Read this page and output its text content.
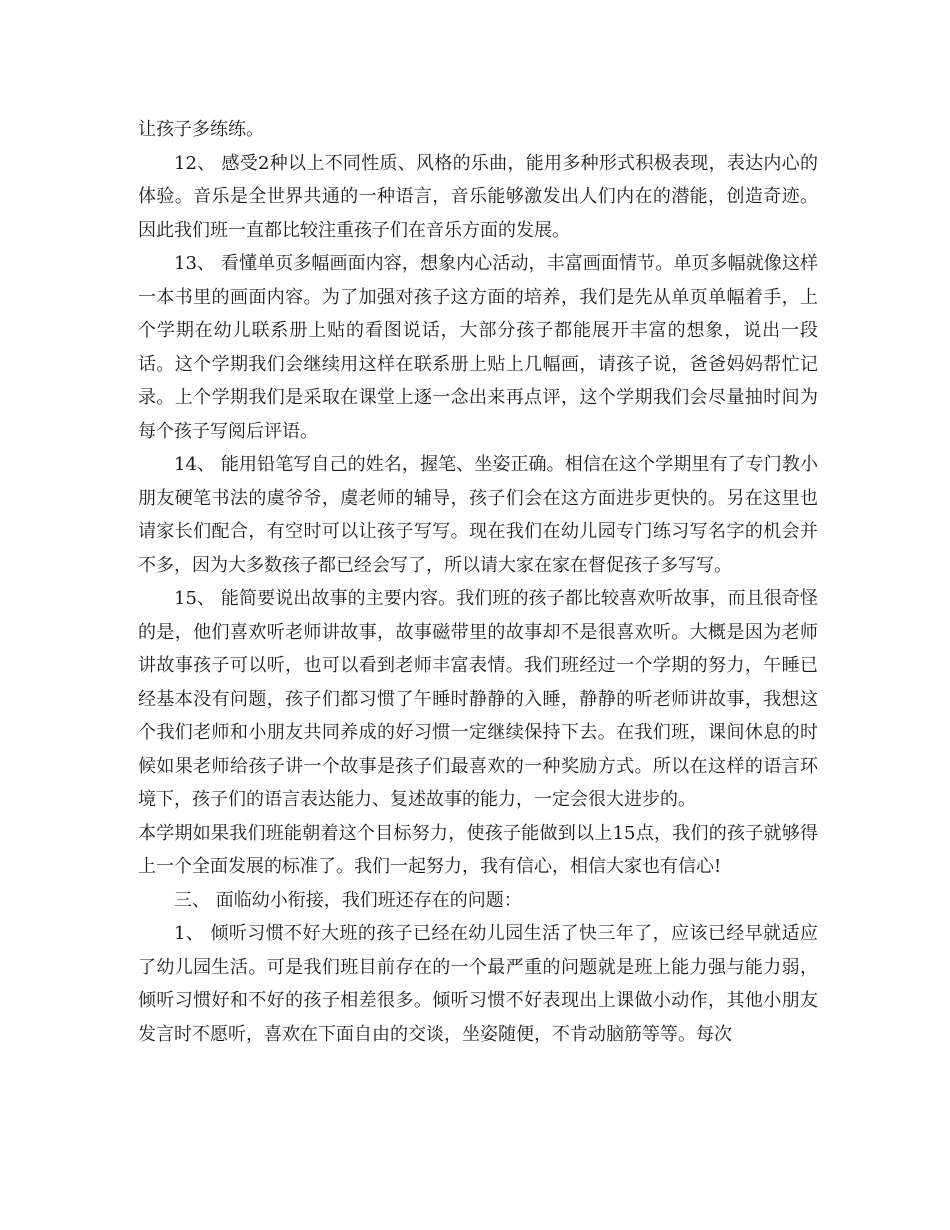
让孩子多练练。

12、 感受2种以上不同性质、风格的乐曲，能用多种形式积极表现，表达内心的体验。音乐是全世界共通的一种语言，音乐能够激发出人们内在的潜能，创造奇迹。因此我们班一直都比较注重孩子们在音乐方面的发展。

13、 看懂单页多幅画面内容，想象内心活动，丰富画面情节。单页多幅就像这样一本书里的画面内容。为了加强对孩子这方面的培养，我们是先从单页单幅着手，上个学期在幼儿联系册上贴的看图说话，大部分孩子都能展开丰富的想象，说出一段话。这个学期我们会继续用这样在联系册上贴上几幅画，请孩子说，爸爸妈妈帮忙记录。上个学期我们是采取在课堂上逐一念出来再点评，这个学期我们会尽量抽时间为每个孩子写阅后评语。

14、 能用铅笔写自己的姓名，握笔、坐姿正确。相信在这个学期里有了专门教小朋友硬笔书法的虞爷爷，虞老师的辅导，孩子们会在这方面进步更快的。另在这里也请家长们配合，有空时可以让孩子写写。现在我们在幼儿园专门练习写名字的机会并不多，因为大多数孩子都已经会写了，所以请大家在家在督促孩子多写写。

15、 能简要说出故事的主要内容。我们班的孩子都比较喜欢听故事，而且很奇怪的是，他们喜欢听老师讲故事，故事磁带里的故事却不是很喜欢听。大概是因为老师讲故事孩子可以听，也可以看到老师丰富表情。我们班经过一个学期的努力，午睡已经基本没有问题，孩子们都习惯了午睡时静静的入睡，静静的听老师讲故事，我想这个我们老师和小朋友共同养成的好习惯一定继续保持下去。在我们班，课间休息的时候如果老师给孩子讲一个故事是孩子们最喜欢的一种奖励方式。所以在这样的语言环境下，孩子们的语言表达能力、复述故事的能力，一定会很大进步的。

本学期如果我们班能朝着这个目标努力，使孩子能做到以上15点，我们的孩子就够得上一个全面发展的标准了。我们一起努力，我有信心，相信大家也有信心!

三、 面临幼小衔接，我们班还存在的问题：

1、 倾听习惯不好大班的孩子已经在幼儿园生活了快三年了，应该已经早就适应了幼儿园生活。可是我们班目前存在的一个最严重的问题就是班上能力强与能力弱，倾听习惯好和不好的孩子相差很多。倾听习惯不好表现出上课做小动作，其他小朋友发言时不愿听，喜欢在下面自由的交谈，坐姿随便，不肯动脑筋等等。每次
